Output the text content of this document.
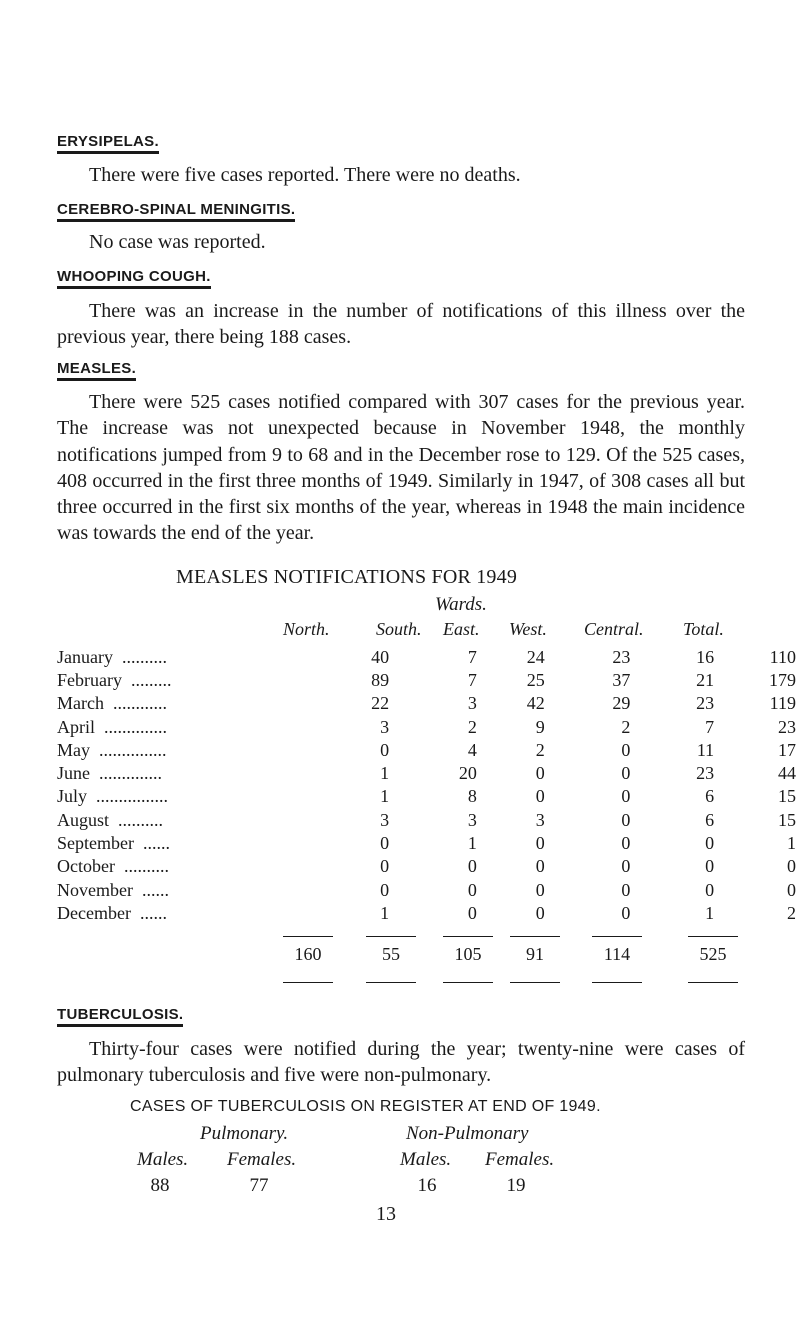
ERYSIPELAS.
There were five cases reported. There were no deaths.
CEREBRO-SPINAL MENINGITIS.
No case was reported.
WHOOPING COUGH.
There was an increase in the number of notifications of this illness over the previous year, there being 188 cases.
MEASLES.
There were 525 cases notified compared with 307 cases for the previous year. The increase was not unexpected because in November 1948, the monthly notifications jumped from 9 to 68 and in the December rose to 129. Of the 525 cases, 408 occurred in the first three months of 1949. Similarly in 1947, of 308 cases all but three occurred in the first six months of the year, whereas in 1948 the main incidence was towards the end of the year.
MEASLES NOTIFICATIONS FOR 1949
Wards.
North.	South. East. West. Central. Total.
January ..........	40	7	24	23	16	110
February .........	89	7	25	37	21	179
March ............	22	3	42	29	23	119
April ..............	3	2	9	2	7	23
May ...............	0	4	2	0	11	17
June ..............	1	20	0	0	23	44
July ................	1	8	0	0	6	15
August ..........	3	3	3	0	6	15
September ......	0	1	0	0	0	1
October ..........	0	0	0	0	0	0
November ......	0	0	0	0	0	0
December ......	1	0	0	0	1	2
160	55	105	91	114	525
TUBERCULOSIS.
Thirty-four cases were notified during the year; twenty-nine were cases of pulmonary tuberculosis and five were non-pulmonary.
CASES OF TUBERCULOSIS ON REGISTER AT END OF 1949.
Pulmonary.	Non-Pulmonary
Males. Females.	Males. Females.
88	77	16	19
13
